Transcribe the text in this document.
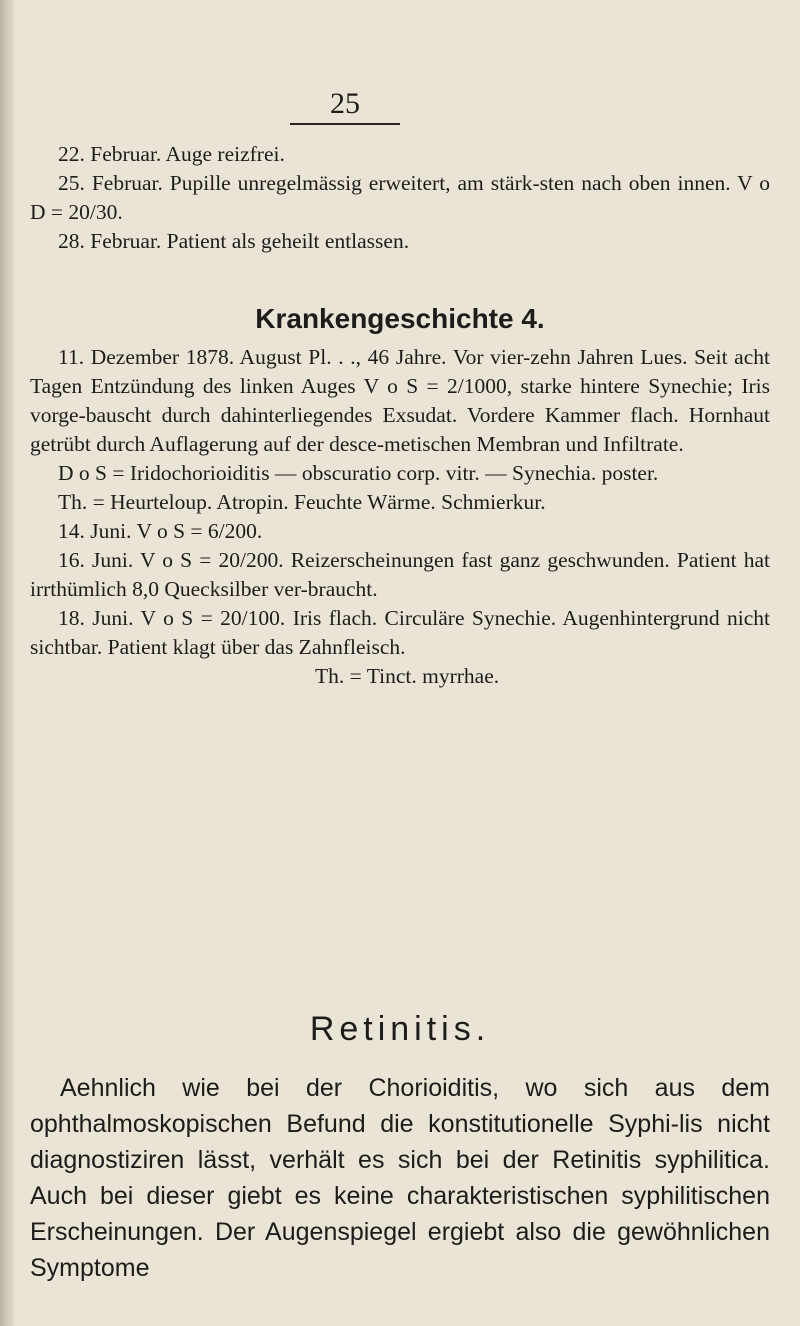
25

22. Februar. Auge reizfrei.

25. Februar. Pupille unregelmässig erweitert, am stärk-sten nach oben innen. V o D = 20/30.

28. Februar. Patient als geheilt entlassen.

Krankengeschichte 4.

11. Dezember 1878. August Pl. . ., 46 Jahre. Vor vier-zehn Jahren Lues. Seit acht Tagen Entzündung des linken Auges V o S = 2/1000, starke hintere Synechie; Iris vorge-bauscht durch dahinterliegendes Exsudat. Vordere Kammer flach. Hornhaut getrübt durch Auflagerung auf der desce-metischen Membran und Infiltrate.

D o S = Iridochorioiditis — obscuratio corp. vitr. — Synechia. poster.

Th. = Heurteloup. Atropin. Feuchte Wärme. Schmierkur.

14. Juni. V o S = 6/200.

16. Juni. V o S = 20/200. Reizerscheinungen fast ganz geschwunden. Patient hat irrthümlich 8,0 Quecksilber ver-braucht.

18. Juni. V o S = 20/100. Iris flach. Circuläre Synechie. Augenhintergrund nicht sichtbar. Patient klagt über das Zahnfleisch.

Th. = Tinct. myrrhae.

Retinitis.

Aehnlich wie bei der Chorioiditis, wo sich aus dem ophthalmoskopischen Befund die konstitutionelle Syphi-lis nicht diagnostiziren lässt, verhält es sich bei der Retinitis syphilitica. Auch bei dieser giebt es keine charakteristischen syphilitischen Erscheinungen. Der Augenspiegel ergiebt also die gewöhnlichen Symptome
